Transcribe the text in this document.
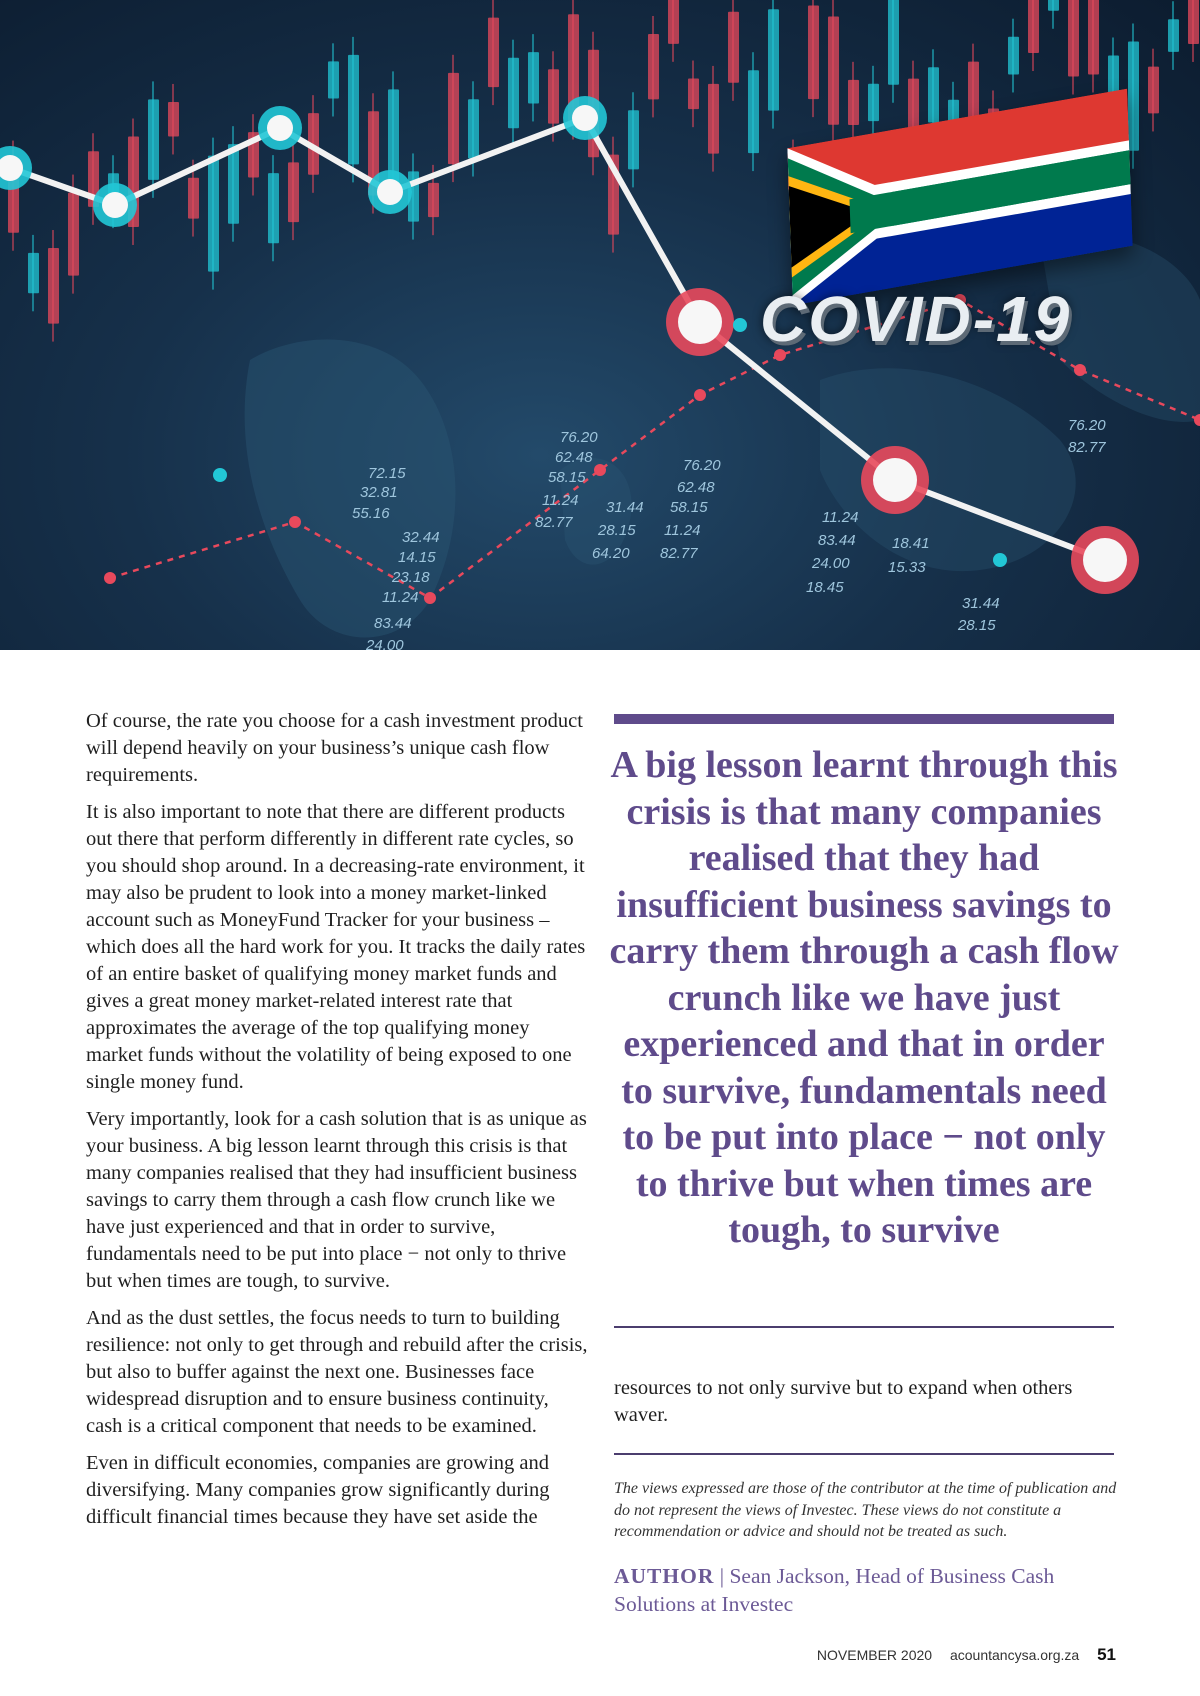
76.20
62.48
58.15
11.24
82.77
31.44
28.15
64.20
76.20
62.48
58.15
11.24
82.77
72.15
32.81
55.16
32.44
14.15
23.18
11.24
83.44
24.00
11.24
83.44
24.00
18.45
18.41
15.33
76.20
82.77
31.44
28.15
COVID-19

Of course, the rate you choose for a cash investment product will depend heavily on your business’s unique cash flow requirements.

It is also important to note that there are different products out there that perform differently in different rate cycles, so you should shop around. In a decreasing-rate environment, it may also be prudent to look into a money market-linked account such as MoneyFund Tracker for your business – which does all the hard work for you. It tracks the daily rates of an entire basket of qualifying money market funds and gives a great money market-related interest rate that approximates the average of the top qualifying money market funds without the volatility of being exposed to one single money fund.

Very importantly, look for a cash solution that is as unique as your business. A big lesson learnt through this crisis is that many companies realised that they had insufficient business savings to carry them through a cash flow crunch like we have just experienced and that in order to survive, fundamentals need to be put into place − not only to thrive but when times are tough, to survive.

And as the dust settles, the focus needs to turn to building resilience: not only to get through and rebuild after the crisis, but also to buffer against the next one. Businesses face widespread disruption and to ensure business continuity, cash is a critical component that needs to be examined.

Even in difficult economies, companies are growing and diversifying. Many companies grow significantly during difficult financial times because they have set aside the

A big lesson learnt through this crisis is that many companies realised that they had insufficient business savings to carry them through a cash flow crunch like we have just experienced and that in order to survive, fundamentals need to be put into place − not only to thrive but when times are tough, to survive
resources to not only survive but to expand when others waver.
The views expressed are those of the contributor at the time of publication and do not represent the views of Investec. These views do not constitute a recommendation or advice and should not be treated as such.
AUTHOR | Sean Jackson, Head of Business Cash Solutions at Investec
NOVEMBER 2020 acountancysa.org.za 51
